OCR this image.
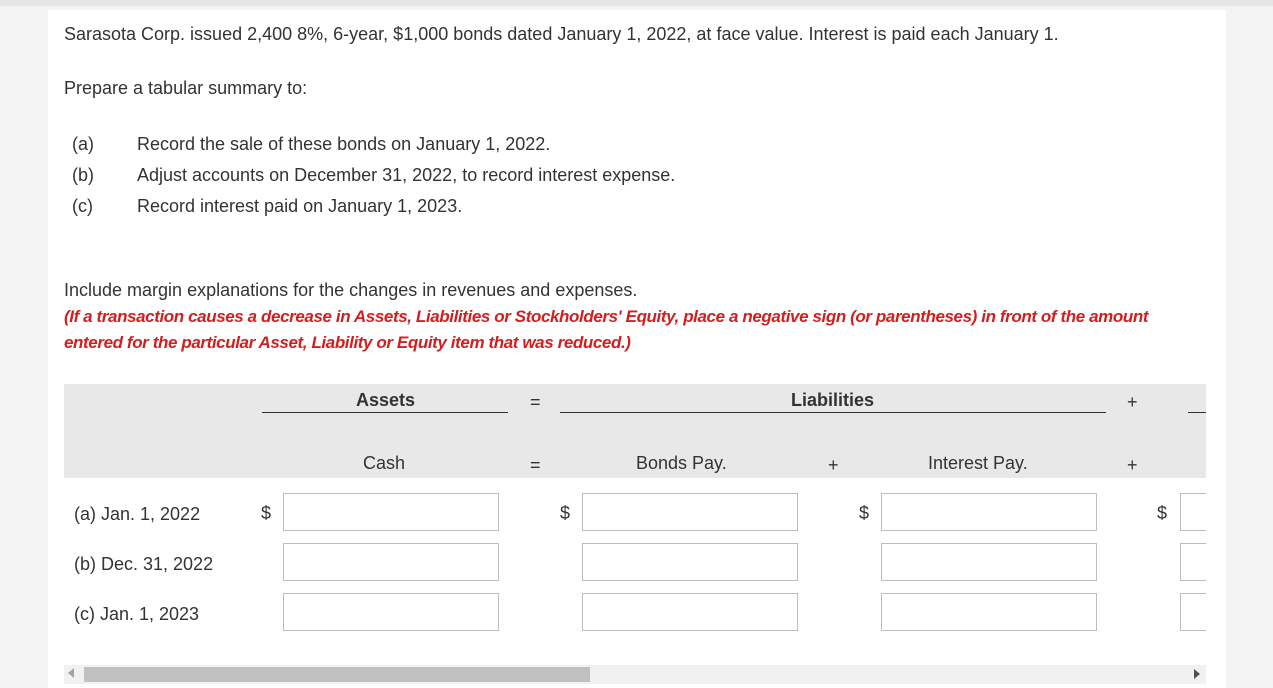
Sarasota Corp. issued 2,400 8%, 6-year, $1,000 bonds dated January 1, 2022, at face value. Interest is paid each January 1.
Prepare a tabular summary to:
(a) Record the sale of these bonds on January 1, 2022.
(b) Adjust accounts on December 31, 2022, to record interest expense.
(c) Record interest paid on January 1, 2023.
Include margin explanations for the changes in revenues and expenses.
(If a transaction causes a decrease in Assets, Liabilities or Stockholders' Equity, place a negative sign (or parentheses) in front of the amount
entered for the particular Asset, Liability or Equity item that was reduced.)
Assets	=	Liabilities	+
Cash	=	Bonds Pay.	+	Interest Pay.	+
(a) Jan. 1, 2022	$	$	$	$
(b) Dec. 31, 2022
(c) Jan. 1, 2023
